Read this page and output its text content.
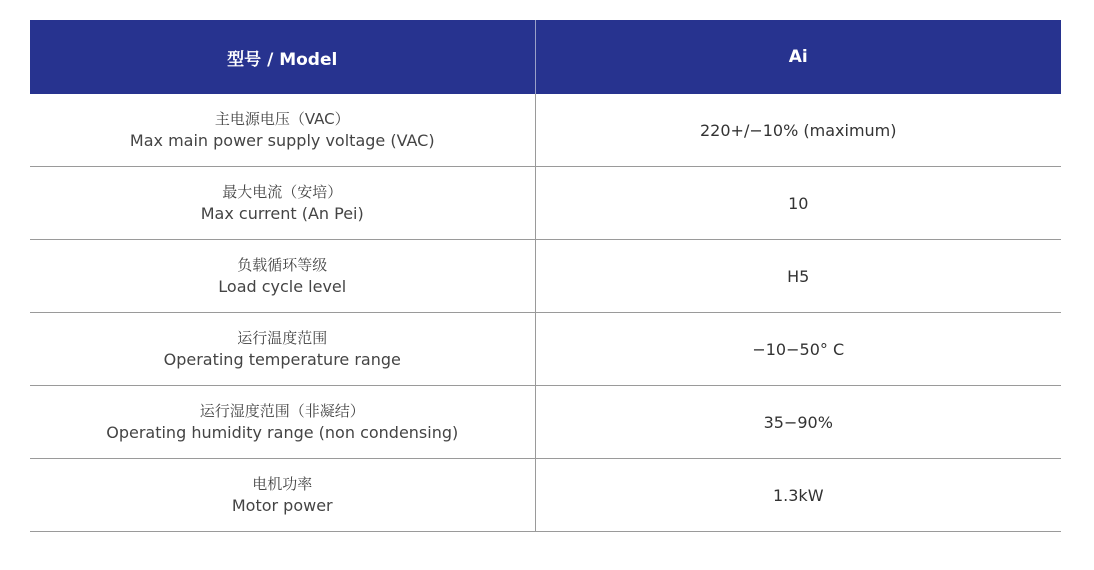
型号 / Model	Ai

主电源电压（VAC）
Max main power supply voltage (VAC)	220+/−10% (maximum)

最大电流（安培）
Max current (An Pei)	10

负载循环等级
Load cycle level	H5

运行温度范围
Operating temperature range	−10−50° C

运行湿度范围（非凝结）
Operating humidity range (non condensing)	35−90%

电机功率
Motor power	1.3kW
